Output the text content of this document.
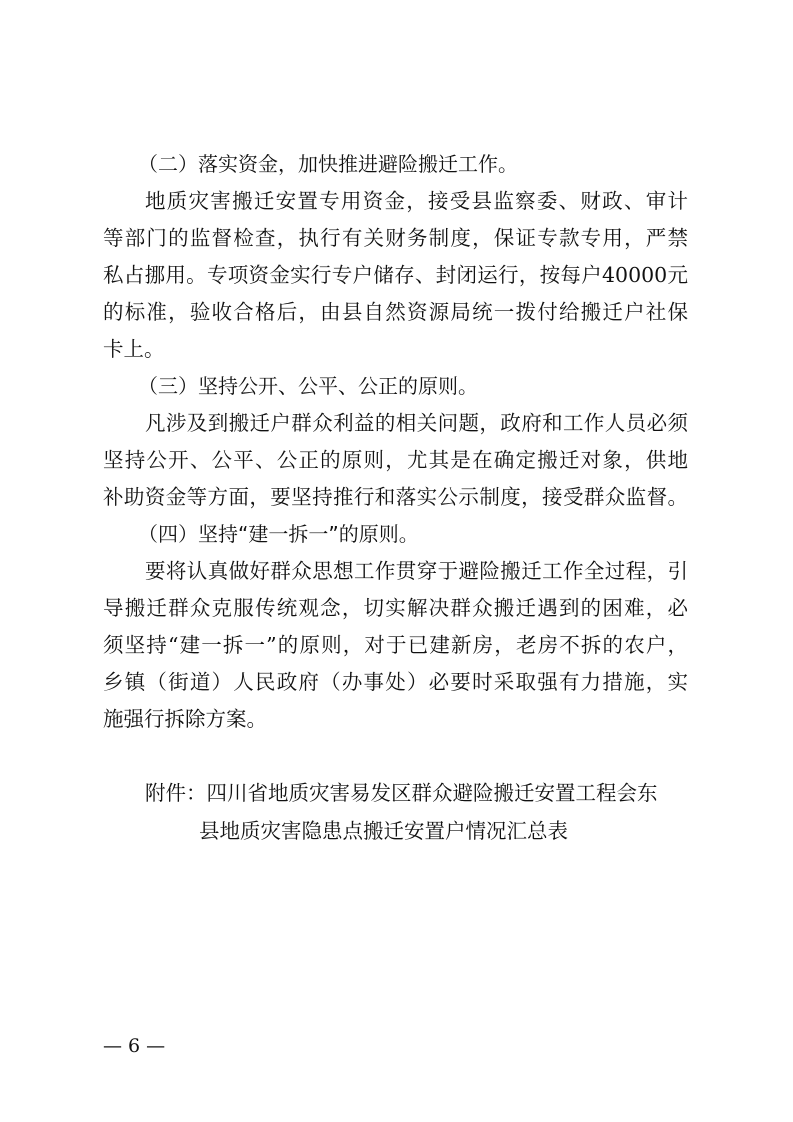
（二）落实资金，加快推进避险搬迁工作。
地质灾害搬迁安置专用资金，接受县监察委、财政、审计
等部门的监督检查，执行有关财务制度，保证专款专用，严禁
私占挪用。专项资金实行专户储存、封闭运行，按每户40000元
的标准，验收合格后，由县自然资源局统一拨付给搬迁户社保
卡上。
（三）坚持公开、公平、公正的原则。
凡涉及到搬迁户群众利益的相关问题，政府和工作人员必须
坚持公开、公平、公正的原则，尤其是在确定搬迁对象，供地
补助资金等方面，要坚持推行和落实公示制度，接受群众监督。
（四）坚持“建一拆一”的原则。
要将认真做好群众思想工作贯穿于避险搬迁工作全过程，引
导搬迁群众克服传统观念，切实解决群众搬迁遇到的困难，必
须坚持“建一拆一”的原则，对于已建新房，老房不拆的农户，
乡镇（街道）人民政府（办事处）必要时采取强有力措施，实
施强行拆除方案。
附件：四川省地质灾害易发区群众避险搬迁安置工程会东
县地质灾害隐患点搬迁安置户情况汇总表
— 6 —
